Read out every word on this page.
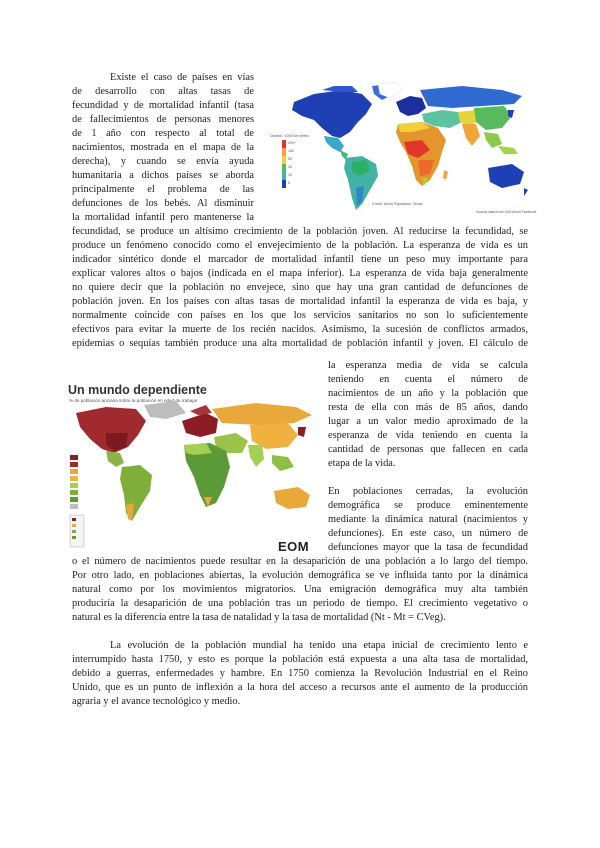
Deaths / 1000 live births
200+
100
50
20
10
5
Credit: World Population, Terms
Source data from CIA World Factbook
Un mundo dependiente
% de población anciana sobre la población en edad de trabajar
EOM
Existe el caso de países en vías
de desarrollo con altas tasas de
fecundidad y de mortalidad infantil (tasa
de fallecimientos de personas menores
de 1 año con respecto al total de
nacimientos, mostrada en el mapa de la
derecha), y cuando se envía ayuda
humanitaria a dichos países se aborda
principalmente el problema de las
defunciones de los bebés. Al disminuir
la mortalidad infantil pero mantenerse la
fecundidad, se produce un altísimo crecimiento de la población joven. Al reducirse la fecundidad, se
produce un fenómeno conocido como el envejecimiento de la población. La esperanza de vida es un
indicador sintético donde el marcador de mortalidad infantil tiene un peso muy importante para
explicar valores altos o bajos (indicada en el mapa inferior). La esperanza de vida baja generalmente
no quiere decir que la población no envejece, sino que hay una gran cantidad de defunciones de
población joven. En los países con altas tasas de mortalidad infantil la esperanza de vida es baja, y
normalmente coincide con países en los que los servicios sanitarios no son lo suficientemente
efectivos para evitar la muerte de los recién nacidos. Asimismo, la sucesión de conflictos armados,
epidemias o sequías también produce una alta mortalidad de población infantil y joven. El cálculo de
la esperanza media de vida se calcula
teniendo en cuenta el número de
nacimientos de un año y la población que
resta de ella con más de 85 años, dando
lugar a un valor medio aproximado de la
esperanza de vida teniendo en cuenta la
cantidad de personas que fallecen en cada
etapa de la vida.
En poblaciones cerradas, la evolución
demográfica se produce eminentemente
mediante la dinámica natural (nacimientos y
defunciones). En este caso, un número de
defunciones mayor que la tasa de fecundidad
o el número de nacimientos puede resultar en la desaparición de una población a lo largo del tiempo.
Por otro lado, en poblaciones abiertas, la evolución demográfica se ve influida tanto por la dinámica
natural como por los movimientos migratorios. Una emigración demográfica muy alta también
produciría la desaparición de una población tras un periodo de tiempo. El crecimiento vegetativo o
natural es la diferencia entre la tasa de natalidad y la tasa de mortalidad (Nt - Mt = CVeg).
La evolución de la población mundial ha tenido una etapa inicial de crecimiento lento e
interrumpido hasta 1750, y esto es porque la población está expuesta a una alta tasa de mortalidad,
debido a guerras, enfermedades y hambre. En 1750 comienza la Revolución Industrial en el Reino
Unido, que es un punto de inflexión a la hora del acceso a recursos ante el aumento de la producción
agraria y el avance tecnológico y medio.
